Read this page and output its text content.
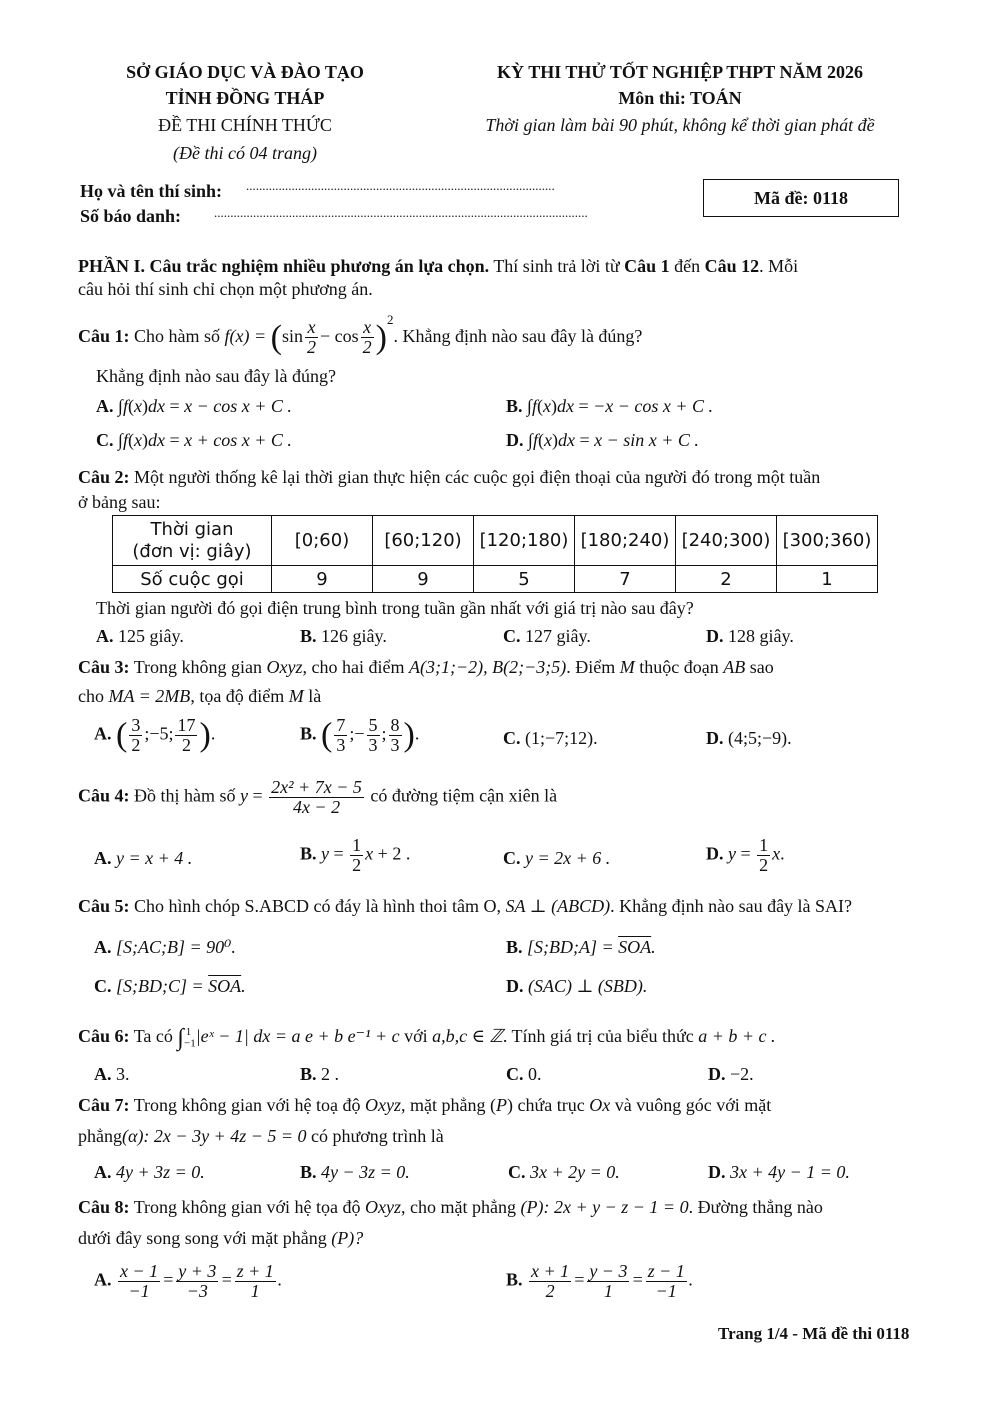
SỞ GIÁO DỤC VÀ ĐÀO TẠO
TỈNH ĐỒNG THÁP
ĐỀ THI CHÍNH THỨC
(Đề thi có 04 trang)
KỲ THI THỬ TỐT NGHIỆP THPT NĂM 2026
Môn thi: TOÁN
Thời gian làm bài 90 phút, không kể thời gian phát đề
Họ và tên thí sinh: ...............................................................................................
Số báo danh:	...................................................................................................................
Mã đề: 0118
PHẦN I. Câu trắc nghiệm nhiều phương án lựa chọn. Thí sinh trả lời từ Câu 1 đến Câu 12. Mỗi
câu hỏi thí sinh chỉ chọn một phương án.
Câu 1: Cho hàm số $f(x) = (\sin \frac{x}{2} - \cos \frac{x}{2} )^2$. Khẳng định nào sau đây là đúng?
Khẳng định nào sau đây là đúng?
A. ∫f(x)dx = x − cos x + C .	B. ∫f(x)dx = −x − cos x + C .
C. ∫f(x)dx = x + cos x + C .	D. ∫f(x)dx = x − sin x + C .
Câu 2: Một người thống kê lại thời gian thực hiện các cuộc gọi điện thoại của người đó trong một tuần
ở bảng sau:
Thời gian
(đơn vị: giây)	[0;60)	[60;120)	[120;180)	[180;240)	[240;300)	[300;360)
Số cuộc gọi	9	9	5	7	2	1
Thời gian người đó gọi điện trung bình trong tuần gần nhất với giá trị nào sau đây?
A. 125 giây.	B. 126 giây.	C. 127 giây.	D. 128 giây.
Câu 3: Trong không gian Oxyz, cho hai điểm A(3;1;−2), B(2;−3;5). Điểm M thuộc đoạn AB sao
cho MA = 2MB, tọa độ điểm M là
A. ( $\frac{3}{2}$ ;−5; $\frac{17}{2}$ ).	B. ( $\frac{7}{3}$ ;− $\frac{5}{3}$ ; $\frac{8}{3}$ ).	C. (1;−7;12).	D. (4;5;−9).
Câu 4: Đồ thị hàm số $y = \frac{\text{2x² + 7x − 5}}{4x - 2}$ có đường tiệm cận xiên là
A. y = x + 4 .	B. $y = \frac{1}{2}$ x + 2 .	C. y = 2x + 6 .	D. $y = \frac{1}{2} x$.
Câu 5: Cho hình chóp S.ABCD có đáy là hình thoi tâm O, SA ⊥ (ABCD). Khẳng định nào sau đây là SAI?
A. [S;AC;B] = 90⁰.	B. [S;BD;A] = $\overline{SOA}$.
C. [S;BD;C] = $\overline{SOA}$.	D. (SAC) ⊥ (SBD).
Câu 6: Ta có $\int_{-1}^1$ |eˣ − 1| dx = a e + b e⁻¹ + c với a,b,c ∈ ℤ. Tính giá trị của biểu thức a + b + c .
A. 3.	B. 2 .	C. 0.	D. −2.
Câu 7: Trong không gian với hệ toạ độ Oxyz, mặt phẳng (P) chứa trục Ox và vuông góc với mặt
phẳng(α): 2x − 3y + 4z − 5 = 0 có phương trình là
A. 4y + 3z = 0.	B. 4y − 3z = 0.	C. 3x + 2y = 0.	D. 3x + 4y − 1 = 0.
Câu 8: Trong không gian với hệ tọa độ Oxyz, cho mặt phẳng (P): 2x + y − z − 1 = 0. Đường thẳng nào
dưới đây song song với mặt phẳng (P)?
A. $\frac{x - 1}{-1} = \frac{y + 3}{-3} = \frac{z + 1}{1}$ .	B. $\frac{x + 1}{2} = \frac{y - 3}{1} = \frac{z - 1}{-1}$ .
Trang 1/4 - Mã đề thi 0118
